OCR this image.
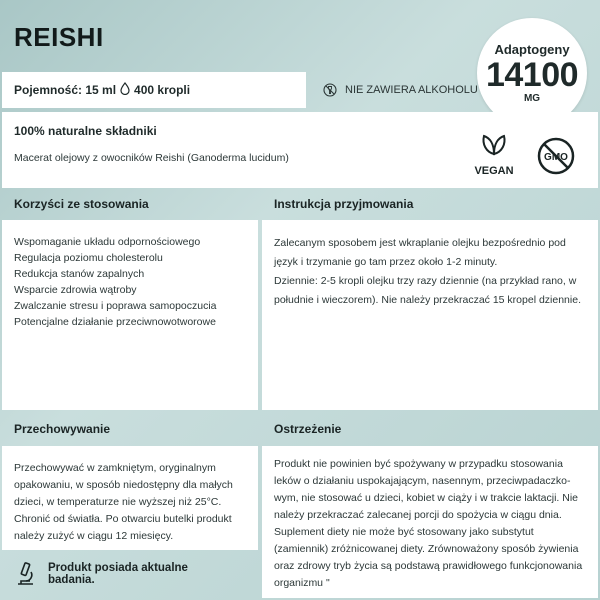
REISHI	Adaptogeny
14100
MG
Pojemność: 15 ml 400 kropli	NIE ZAWIERA ALKOHOLU
100% naturalne składniki
Macerat olejowy z owocników Reishi (Ganoderma lucidum)
VEGAN
GMO
Korzyści ze stosowania	Instrukcja przyjmowania
Wspomaganie układu odpornościowego
Regulacja poziomu cholesterolu
Redukcja stanów zapalnych
Wsparcie zdrowia wątroby
Zwalczanie stresu i poprawa samopoczucia
Potencjalne działanie przeciwnowotworowe
Zalecanym sposobem jest wkraplanie olejku bezpośrednio pod język i trzymanie go tam przez około 1-2 minuty.
Dziennie: 2-5 kropli olejku trzy razy dziennie (na przykład rano, w południe i wieczorem). Nie należy przekraczać 15 kropel dziennie.
Przechowywanie	Ostrzeżenie
Przechowywać w zamkniętym, oryginalnym opakowaniu, w sposób niedostępny dla małych dzieci, w temperaturze nie wyższej niż 25°C. Chronić od światła. Po otwarciu butelki produkt należy zużyć w ciągu 12 miesięcy.
Produkt nie powinien być spożywany w przypadku stosowania leków o działaniu uspokajającym, nasennym, przeciwpadaczko-wym, nie stosować u dzieci, kobiet w ciąży i w trakcie laktacji. Nie należy przekraczać zalecanej porcji do spożycia w ciągu dnia. Suplement diety nie może być stosowany jako substytut (zamiennik) zróżnicowanej diety. Zrównoważony sposób żywienia oraz zdrowy tryb życia są podstawą prawidłowego funkcjonowania organizmu "
Produkt posiada aktualne badania.
